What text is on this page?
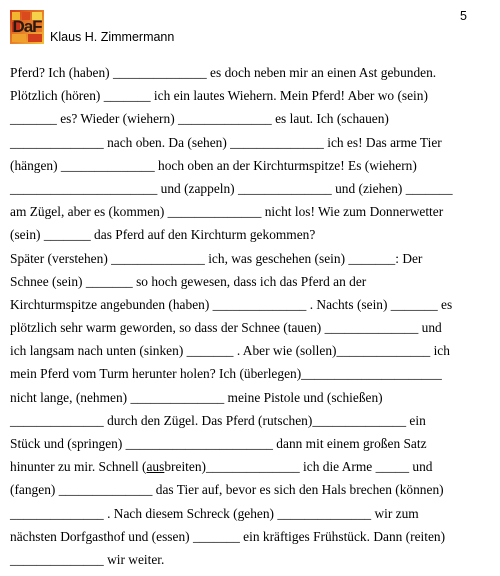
DaF
Klaus H. Zimmermann
5
Pferd? Ich (haben) ______________ es doch neben mir an einen Ast gebunden.
Plötzlich (hören) _______ ich ein lautes Wiehern. Mein Pferd! Aber wo (sein)
_______ es? Wieder (wiehern) ______________ es laut. Ich (schauen)
______________ nach oben. Da (sehen) ______________ ich es! Das arme Tier
(hängen) ______________ hoch oben an der Kirchturmspitze! Es (wiehern)
______________________ und (zappeln) ______________ und (ziehen) _______
am Zügel, aber es (kommen) ______________ nicht los! Wie zum Donnerwetter
(sein) _______ das Pferd auf den Kirchturm gekommen?
Später (verstehen) ______________ ich, was geschehen (sein) _______: Der
Schnee (sein) _______ so hoch gewesen, dass ich das Pferd an der
Kirchturmspitze angebunden (haben) ______________ . Nachts (sein) _______ es
plötzlich sehr warm geworden, so dass der Schnee (tauen) ______________ und
ich langsam nach unten (sinken) _______ . Aber wie (sollen)______________ ich
mein Pferd vom Turm herunter holen? Ich (überlegen)_____________________
nicht lange, (nehmen) ______________ meine Pistole und (schießen)
______________ durch den Zügel. Das Pferd (rutschen)______________ ein
Stück und (springen) ______________________ dann mit einem großen Satz
hinunter zu mir. Schnell (ausbreiten)______________ ich die Arme _____ und
(fangen) ______________ das Tier auf, bevor es sich den Hals brechen (können)
______________ . Nach diesem Schreck (gehen) ______________ wir zum
nächsten Dorfgasthof und (essen) _______ ein kräftiges Frühstück. Dann (reiten)
______________ wir weiter.
